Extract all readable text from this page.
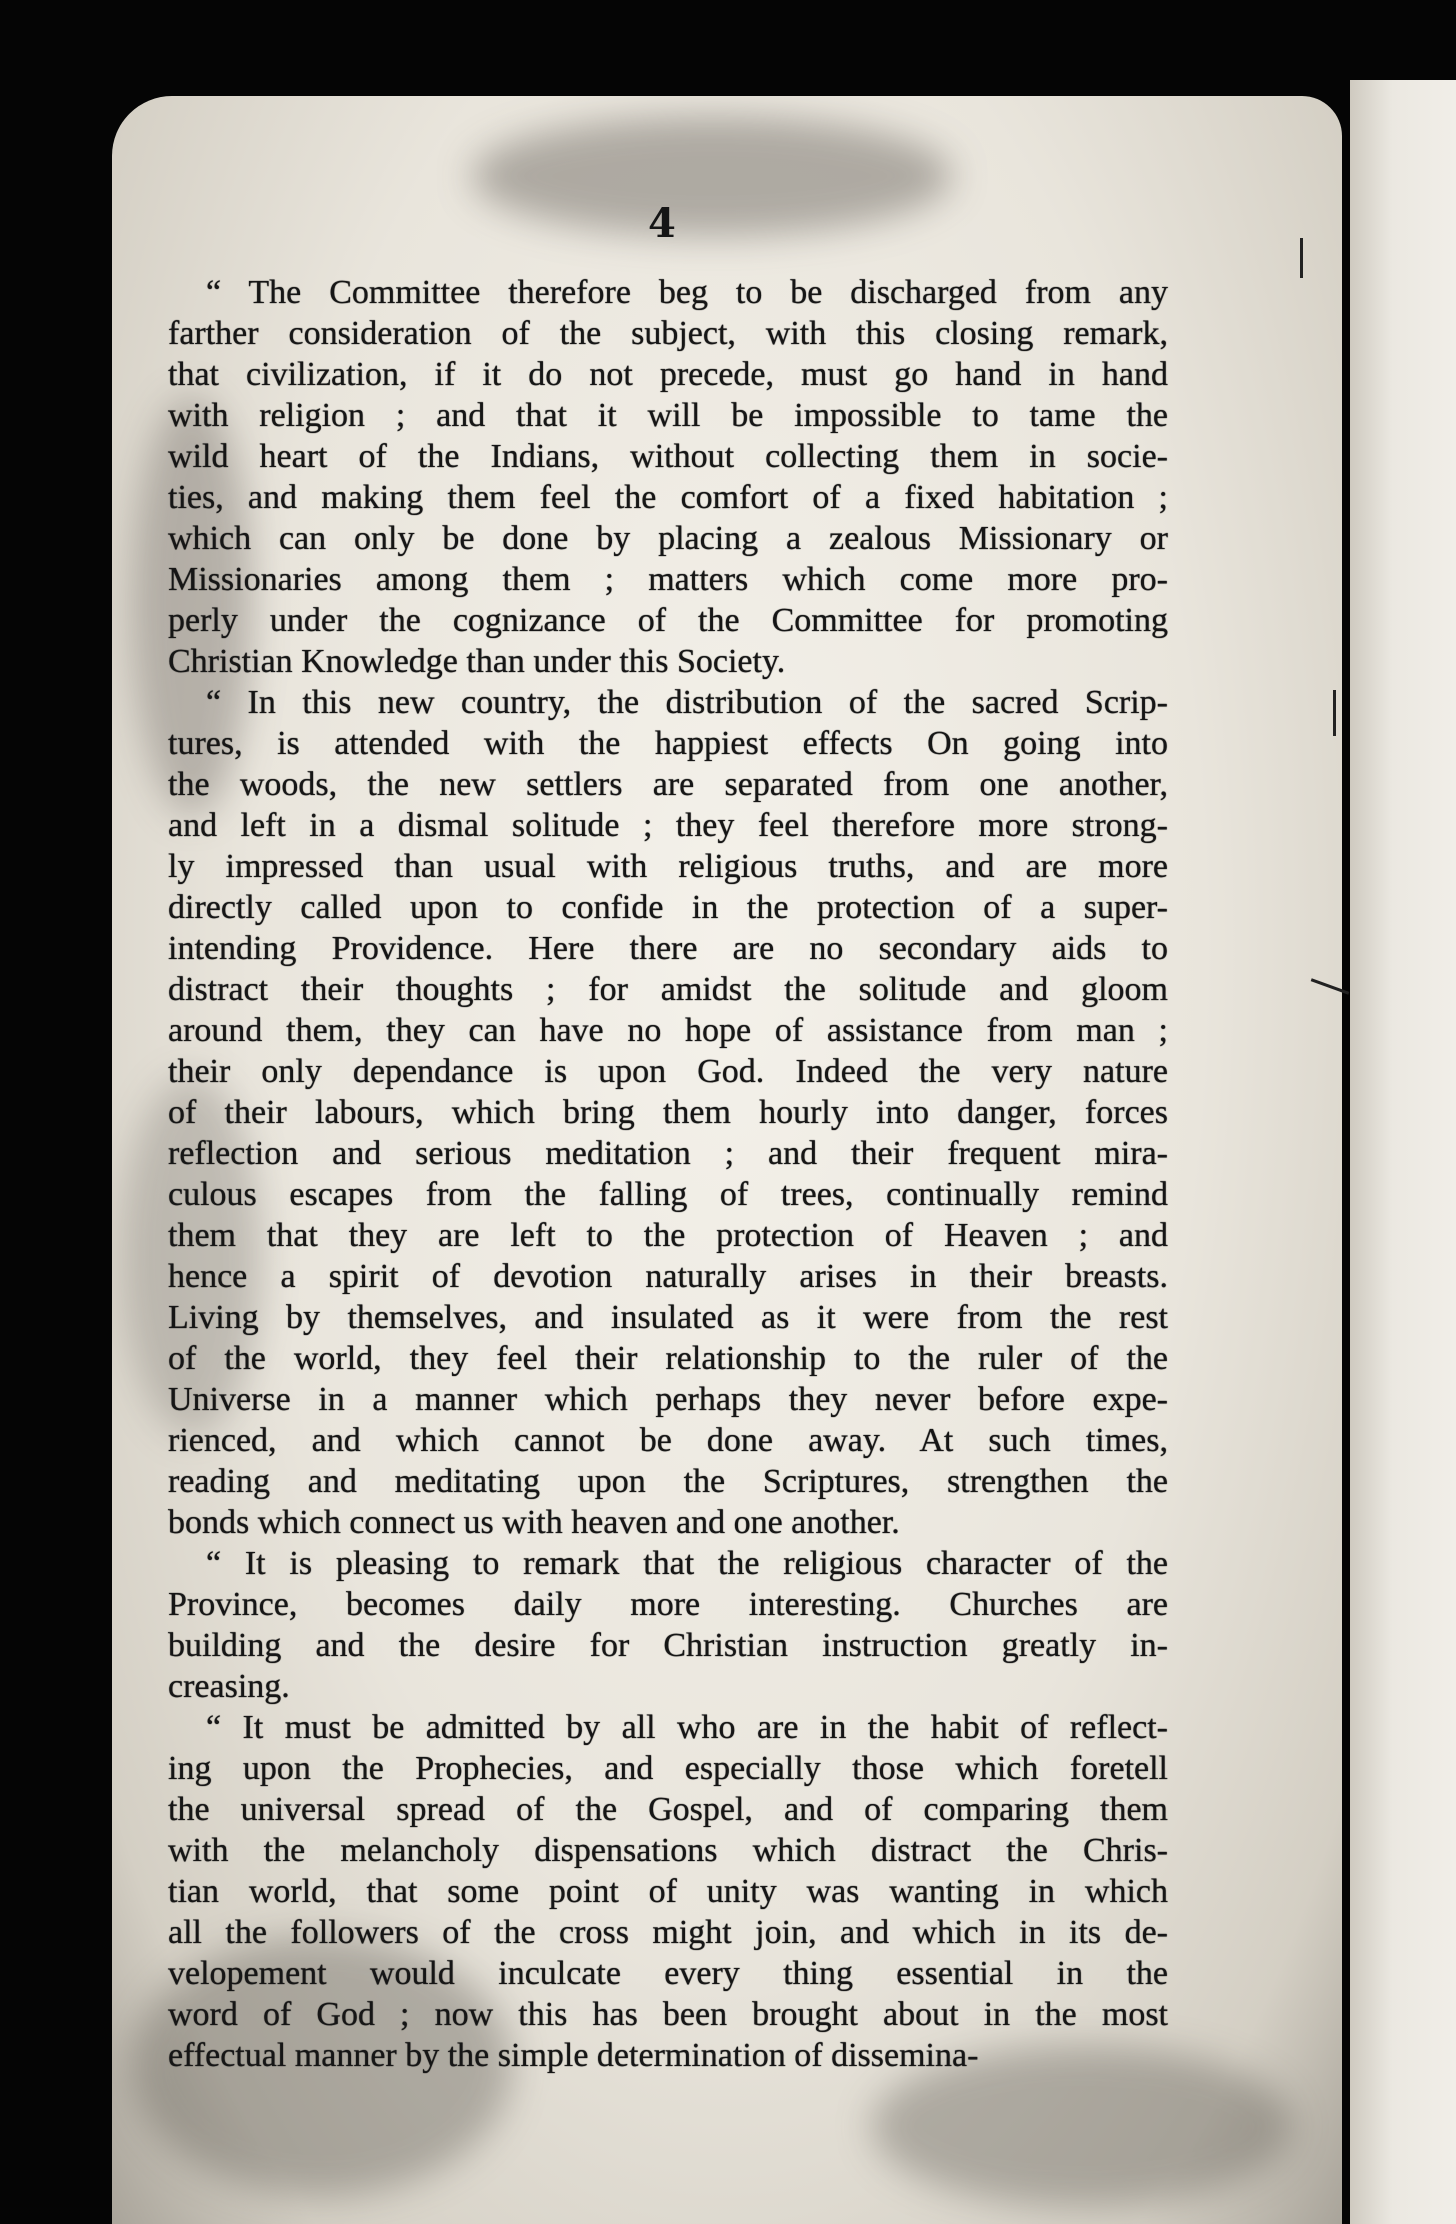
4
“ The Committee therefore beg to be discharged from any
farther consideration of the subject, with this closing remark,
that civilization, if it do not precede, must go hand in hand
with religion ; and that it will be impossible to tame the
wild heart of the Indians, without collecting them in socie-
ties, and making them feel the comfort of a fixed habitation ;
which can only be done by placing a zealous Missionary or
Missionaries among them ; matters which come more pro-
perly under the cognizance of the Committee for promoting
Christian Knowledge than under this Society.
“ In this new country, the distribution of the sacred Scrip-
tures, is attended with the happiest effects On going into
the woods, the new settlers are separated from one another,
and left in a dismal solitude ; they feel therefore more strong-
ly impressed than usual with religious truths, and are more
directly called upon to confide in the protection of a super-
intending Providence. Here there are no secondary aids to
distract their thoughts ; for amidst the solitude and gloom
around them, they can have no hope of assistance from man ;
their only dependance is upon God. Indeed the very nature
of their labours, which bring them hourly into danger, forces
reflection and serious meditation ; and their frequent mira-
culous escapes from the falling of trees, continually remind
them that they are left to the protection of Heaven ; and
hence a spirit of devotion naturally arises in their breasts.
Living by themselves, and insulated as it were from the rest
of the world, they feel their relationship to the ruler of the
Universe in a manner which perhaps they never before expe-
rienced, and which cannot be done away. At such times,
reading and meditating upon the Scriptures, strengthen the
bonds which connect us with heaven and one another.
“ It is pleasing to remark that the religious character of the
Province, becomes daily more interesting. Churches are
building and the desire for Christian instruction greatly in-
creasing.
“ It must be admitted by all who are in the habit of reflect-
ing upon the Prophecies, and especially those which foretell
the universal spread of the Gospel, and of comparing them
with the melancholy dispensations which distract the Chris-
tian world, that some point of unity was wanting in which
all the followers of the cross might join, and which in its de-
velopement would inculcate every thing essential in the
word of God ; now this has been brought about in the most
effectual manner by the simple determination of dissemina-
